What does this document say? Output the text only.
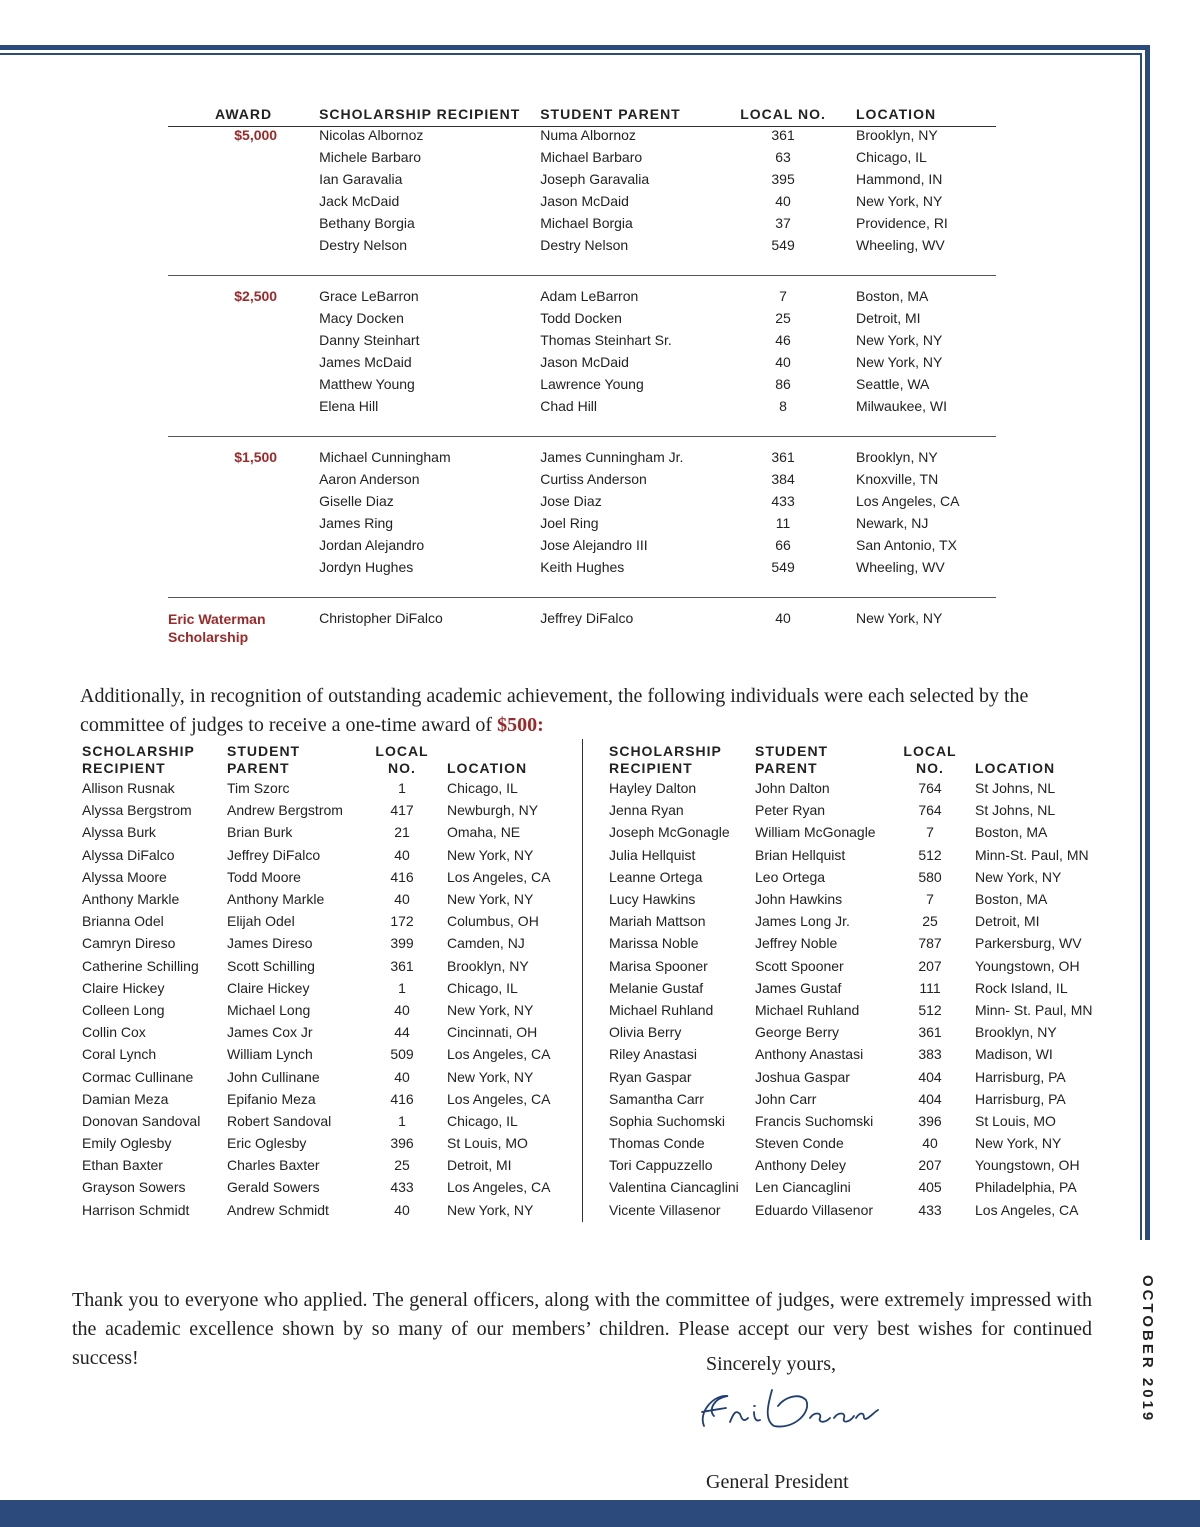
AWARD	SCHOLARSHIP RECIPIENT	STUDENT PARENT	LOCAL NO.	LOCATION
$5,000	Nicolas Albornoz	Numa Albornoz	361	Brooklyn, NY
	Michele Barbaro	Michael Barbaro	63	Chicago, IL
	Ian Garavalia	Joseph Garavalia	395	Hammond, IN
	Jack McDaid	Jason McDaid	40	New York, NY
	Bethany Borgia	Michael Borgia	37	Providence, RI
	Destry Nelson	Destry Nelson	549	Wheeling, WV

$2,500	Grace LeBarron	Adam LeBarron	7	Boston, MA
	Macy Docken	Todd Docken	25	Detroit, MI
	Danny Steinhart	Thomas Steinhart Sr.	46	New York, NY
	James McDaid	Jason McDaid	40	New York, NY
	Matthew Young	Lawrence Young	86	Seattle, WA
	Elena Hill	Chad Hill	8	Milwaukee, WI

$1,500	Michael Cunningham	James Cunningham Jr.	361	Brooklyn, NY
	Aaron Anderson	Curtiss Anderson	384	Knoxville, TN
	Giselle Diaz	Jose Diaz	433	Los Angeles, CA
	James Ring	Joel Ring	11	Newark, NJ
	Jordan Alejandro	Jose Alejandro III	66	San Antonio, TX
	Jordyn Hughes	Keith Hughes	549	Wheeling, WV

Eric Waterman
Scholarship	Christopher DiFalco	Jeffrey DiFalco	40	New York, NY

Additionally, in recognition of outstanding academic achievement, the following individuals were each selected by the committee of judges to receive a one-time award of $500:

SCHOLARSHIP
RECIPIENT	STUDENT
PARENT	LOCAL
NO.	LOCATION
Allison Rusnak	Tim Szorc	1	Chicago, IL
Alyssa Bergstrom	Andrew Bergstrom	417	Newburgh, NY
Alyssa Burk	Brian Burk	21	Omaha, NE
Alyssa DiFalco	Jeffrey DiFalco	40	New York, NY
Alyssa Moore	Todd Moore	416	Los Angeles, CA
Anthony Markle	Anthony Markle	40	New York, NY
Brianna Odel	Elijah Odel	172	Columbus, OH
Camryn Direso	James Direso	399	Camden, NJ
Catherine Schilling	Scott Schilling	361	Brooklyn, NY
Claire Hickey	Claire Hickey	1	Chicago, IL
Colleen Long	Michael Long	40	New York, NY
Collin Cox	James Cox Jr	44	Cincinnati, OH
Coral Lynch	William Lynch	509	Los Angeles, CA
Cormac Cullinane	John Cullinane	40	New York, NY
Damian Meza	Epifanio Meza	416	Los Angeles, CA
Donovan Sandoval	Robert Sandoval	1	Chicago, IL
Emily Oglesby	Eric Oglesby	396	St Louis, MO
Ethan Baxter	Charles Baxter	25	Detroit, MI
Grayson Sowers	Gerald Sowers	433	Los Angeles, CA
Harrison Schmidt	Andrew Schmidt	40	New York, NY
SCHOLARSHIP
RECIPIENT	STUDENT
PARENT	LOCAL
NO.	LOCATION
Hayley Dalton	John Dalton	764	St Johns, NL
Jenna Ryan	Peter Ryan	764	St Johns, NL
Joseph McGonagle	William McGonagle	7	Boston, MA
Julia Hellquist	Brian Hellquist	512	Minn-St. Paul, MN
Leanne Ortega	Leo Ortega	580	New York, NY
Lucy Hawkins	John Hawkins	7	Boston, MA
Mariah Mattson	James Long Jr.	25	Detroit, MI
Marissa Noble	Jeffrey Noble	787	Parkersburg, WV
Marisa Spooner	Scott Spooner	207	Youngstown, OH
Melanie Gustaf	James Gustaf	111	Rock Island, IL
Michael Ruhland	Michael Ruhland	512	Minn- St. Paul, MN
Olivia Berry	George Berry	361	Brooklyn, NY
Riley Anastasi	Anthony Anastasi	383	Madison, WI
Ryan Gaspar	Joshua Gaspar	404	Harrisburg, PA
Samantha Carr	John Carr	404	Harrisburg, PA
Sophia Suchomski	Francis Suchomski	396	St Louis, MO
Thomas Conde	Steven Conde	40	New York, NY
Tori Cappuzzello	Anthony Deley	207	Youngstown, OH
Valentina Ciancaglini	Len Ciancaglini	405	Philadelphia, PA
Vicente Villasenor	Eduardo Villasenor	433	Los Angeles, CA

Thank you to everyone who applied. The general officers, along with the committee of judges, were extremely impressed with the academic excellence shown by so many of our members’ children. Please accept our very best wishes for continued success!	Sincerely yours,
General President
OCTOBER 2019
